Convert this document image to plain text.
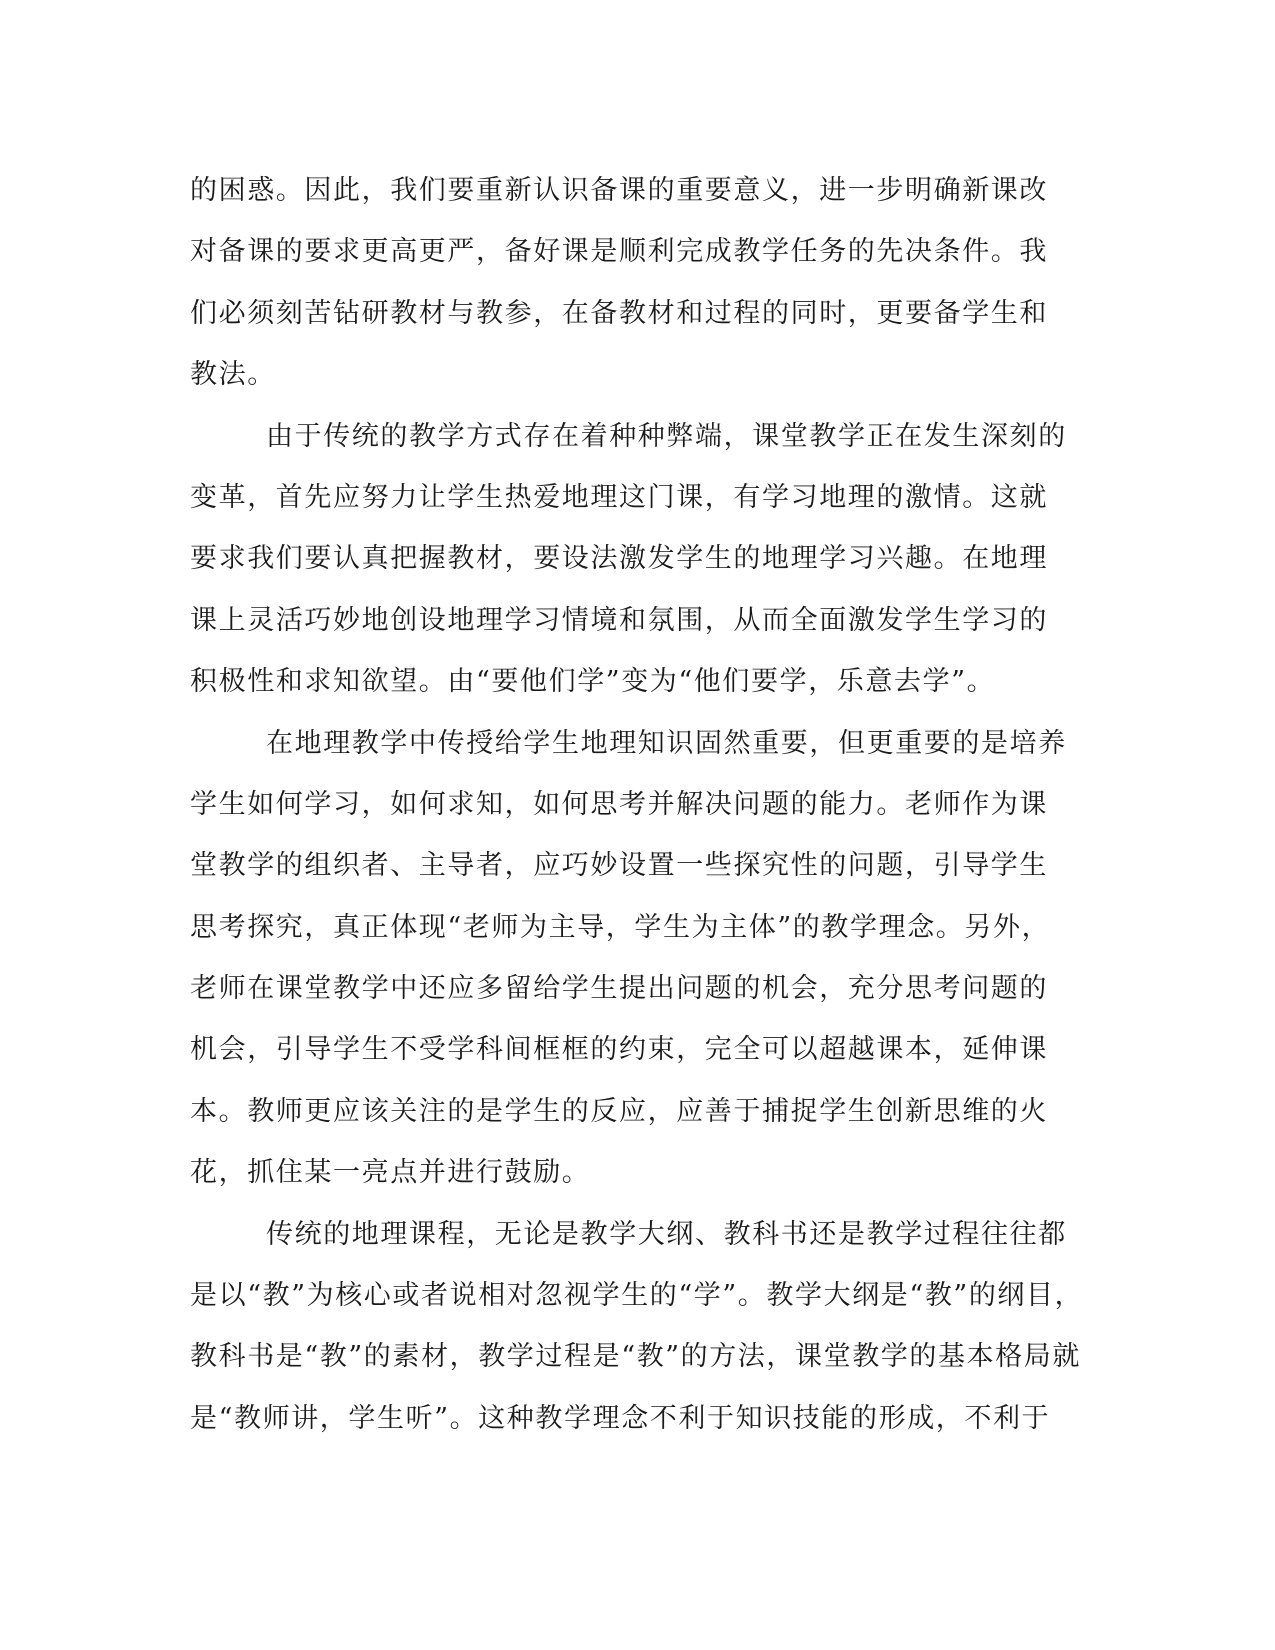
的困惑。因此，我们要重新认识备课的重要意义，进一步明确新课改
对备课的要求更高更严，备好课是顺利完成教学任务的先决条件。我
们必须刻苦钻研教材与教参，在备教材和过程的同时，更要备学生和
教法。
由于传统的教学方式存在着种种弊端，课堂教学正在发生深刻的
变革，首先应努力让学生热爱地理这门课，有学习地理的激情。这就
要求我们要认真把握教材，要设法激发学生的地理学习兴趣。在地理
课上灵活巧妙地创设地理学习情境和氛围，从而全面激发学生学习的
积极性和求知欲望。由“要他们学”变为“他们要学，乐意去学”。
在地理教学中传授给学生地理知识固然重要，但更重要的是培养
学生如何学习，如何求知，如何思考并解决问题的能力。老师作为课
堂教学的组织者、主导者，应巧妙设置一些探究性的问题，引导学生
思考探究，真正体现“老师为主导，学生为主体”的教学理念。另外，
老师在课堂教学中还应多留给学生提出问题的机会，充分思考问题的
机会，引导学生不受学科间框框的约束，完全可以超越课本，延伸课
本。教师更应该关注的是学生的反应，应善于捕捉学生创新思维的火
花，抓住某一亮点并进行鼓励。
传统的地理课程，无论是教学大纲、教科书还是教学过程往往都
是以“教”为核心或者说相对忽视学生的“学”。教学大纲是“教”的纲目，
教科书是“教”的素材，教学过程是“教”的方法，课堂教学的基本格局就
是“教师讲，学生听”。这种教学理念不利于知识技能的形成，不利于
